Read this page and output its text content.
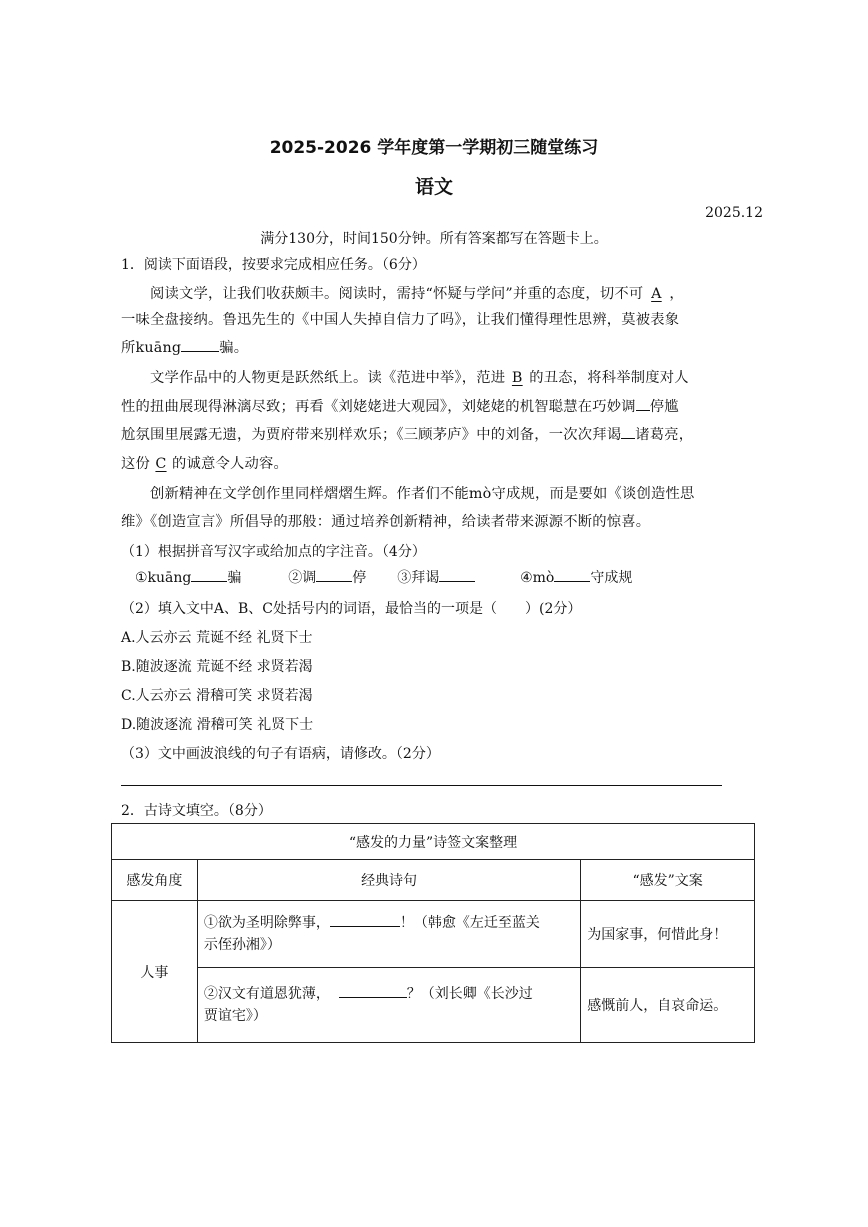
2025-2026 学年度第一学期初三随堂练习
语文
2025.12
满分130分，时间150分钟。所有答案都写在答题卡上。
1．阅读下面语段，按要求完成相应任务。（6分）
阅读文学，让我们收获颇丰。阅读时，需持“怀疑与学问”并重的态度，切不可A，
一味全盘接纳。鲁迅先生的《中国人失掉自信力了吗》，让我们懂得理性思辨，莫被表象
所kuāng	骗。
文学作品中的人物更是跃然纸上。读《范进中举》，范进B的丑态，将科举制度对人
性的扭曲展现得淋漓尽致；再看《刘姥姥进大观园》，刘姥姥的机智聪慧在巧妙调 停尴
尬氛围里展露无遗，为贾府带来别样欢乐；《三顾茅庐》中的刘备，一次次拜谒 诸葛亮，
这份C的诚意令人动容。
创新精神在文学创作里同样熠熠生辉。作者们不能mò守成规，而是要如《谈创造性思
维》《创造宣言》所倡导的那般：通过培养创新精神，给读者带来源源不断的惊喜。
（1）根据拼音写汉字或给加点的字注音。（4分）
①kuāng	骗	②调	停 ③拜谒	④mò	守成规
（2）填入文中A、B、C处括号内的词语，最恰当的一项是（　　）(2分）
A.人云亦云 荒诞不经 礼贤下士
B.随波逐流 荒诞不经 求贤若渴
C.人云亦云 滑稽可笑 求贤若渴
D.随波逐流 滑稽可笑 礼贤下士
（3）文中画波浪线的句子有语病，请修改。（2分）
2．古诗文填空。（8分）
“感发的力量”诗签文案整理		
感发角度	经典诗句	“感发”文案
人事	①欲为圣明除弊事， ！（韩愈《左迁至蓝关
示侄孙湘》）	为国家事，何惜此身！
	②汉文有道恩犹薄， ？（刘长卿《长沙过
贾谊宅》）	感慨前人，自哀命运。
